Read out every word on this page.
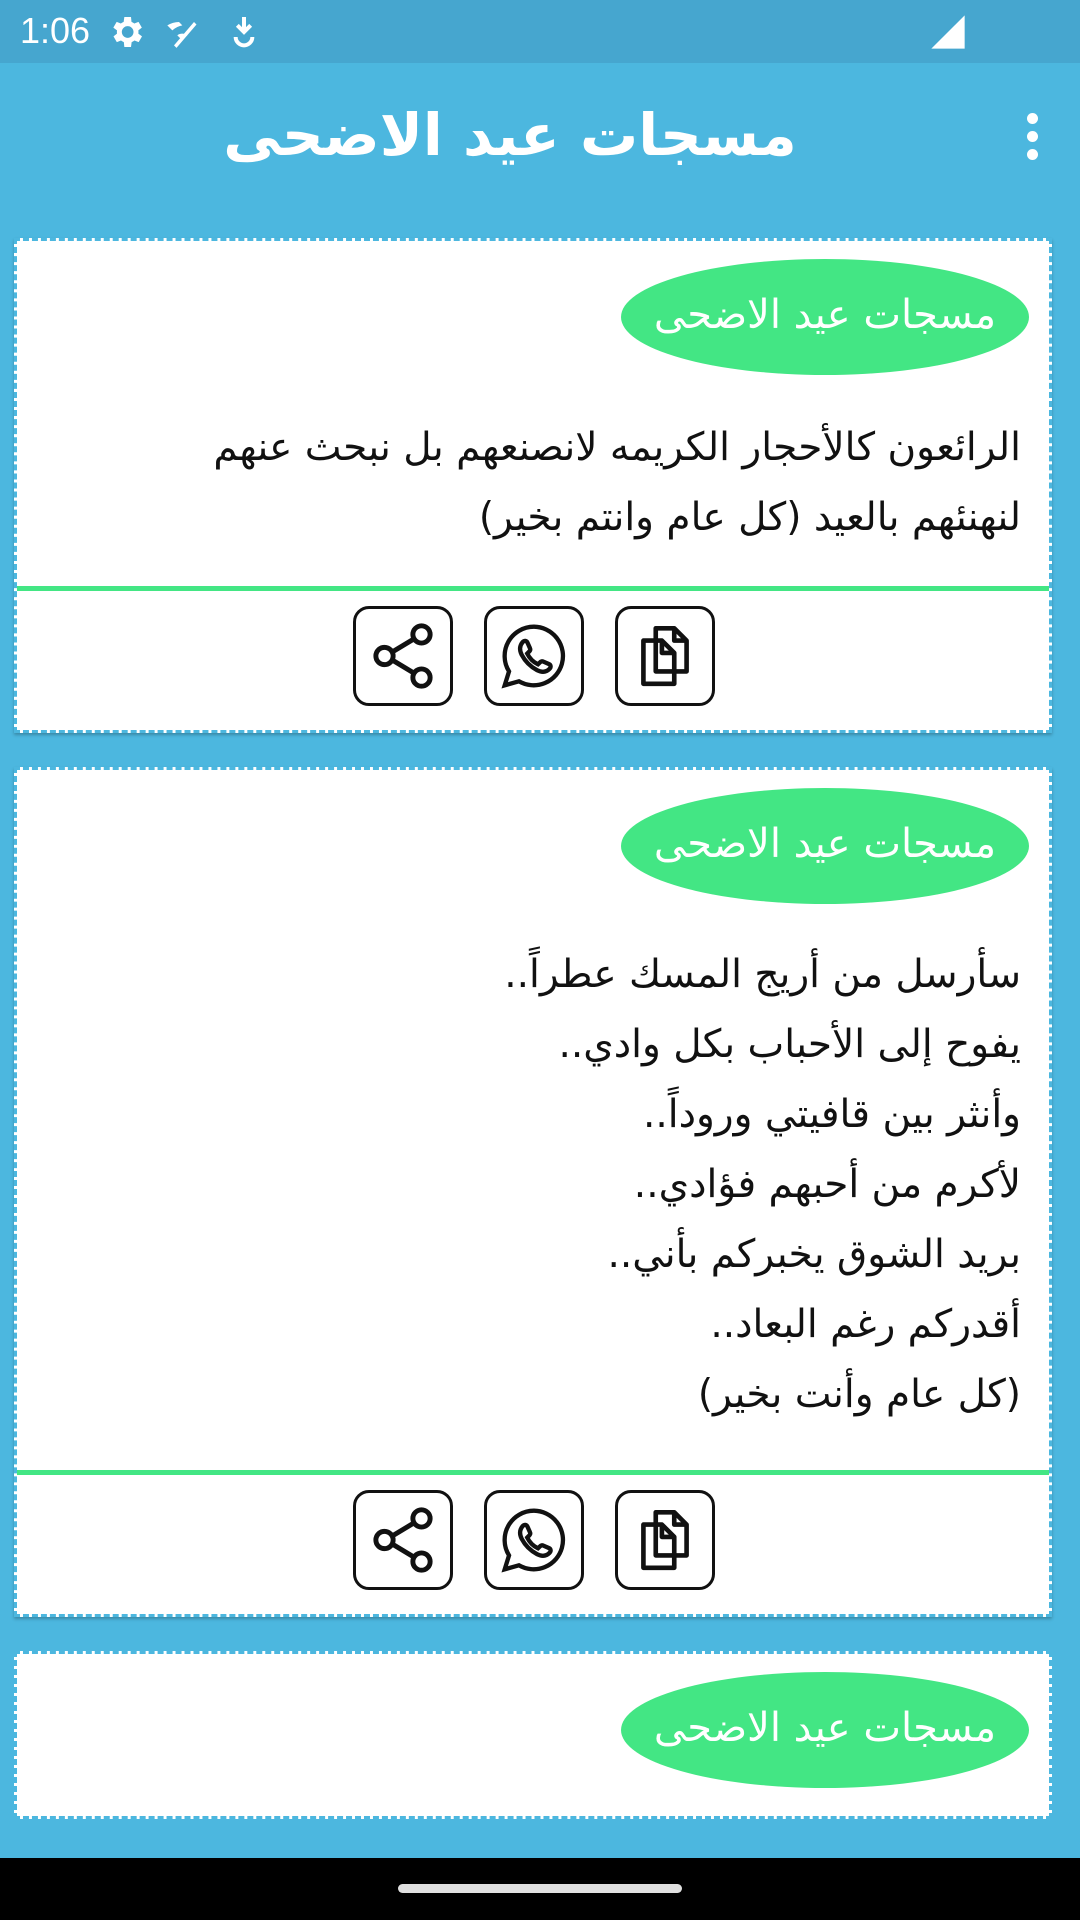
1:06
مسجات عيد الاضحى
مسجات عيد الاضحى
الرائعون كالأحجار الكريمه لانصنعهم بل نبحث عنهم
لنهنئهم بالعيد (كل عام وانتم بخير)
مسجات عيد الاضحى
سأرسل من أريج المسك عطراً..
يفوح إلى الأحباب بكل وادي..
وأنثر بين قافيتي وروداً..
لأكرم من أحبهم فؤادي..
بريد الشوق يخبركم بأني..
أقدركم رغم البعاد..
(كل عام وأنت بخير)
مسجات عيد الاضحى
